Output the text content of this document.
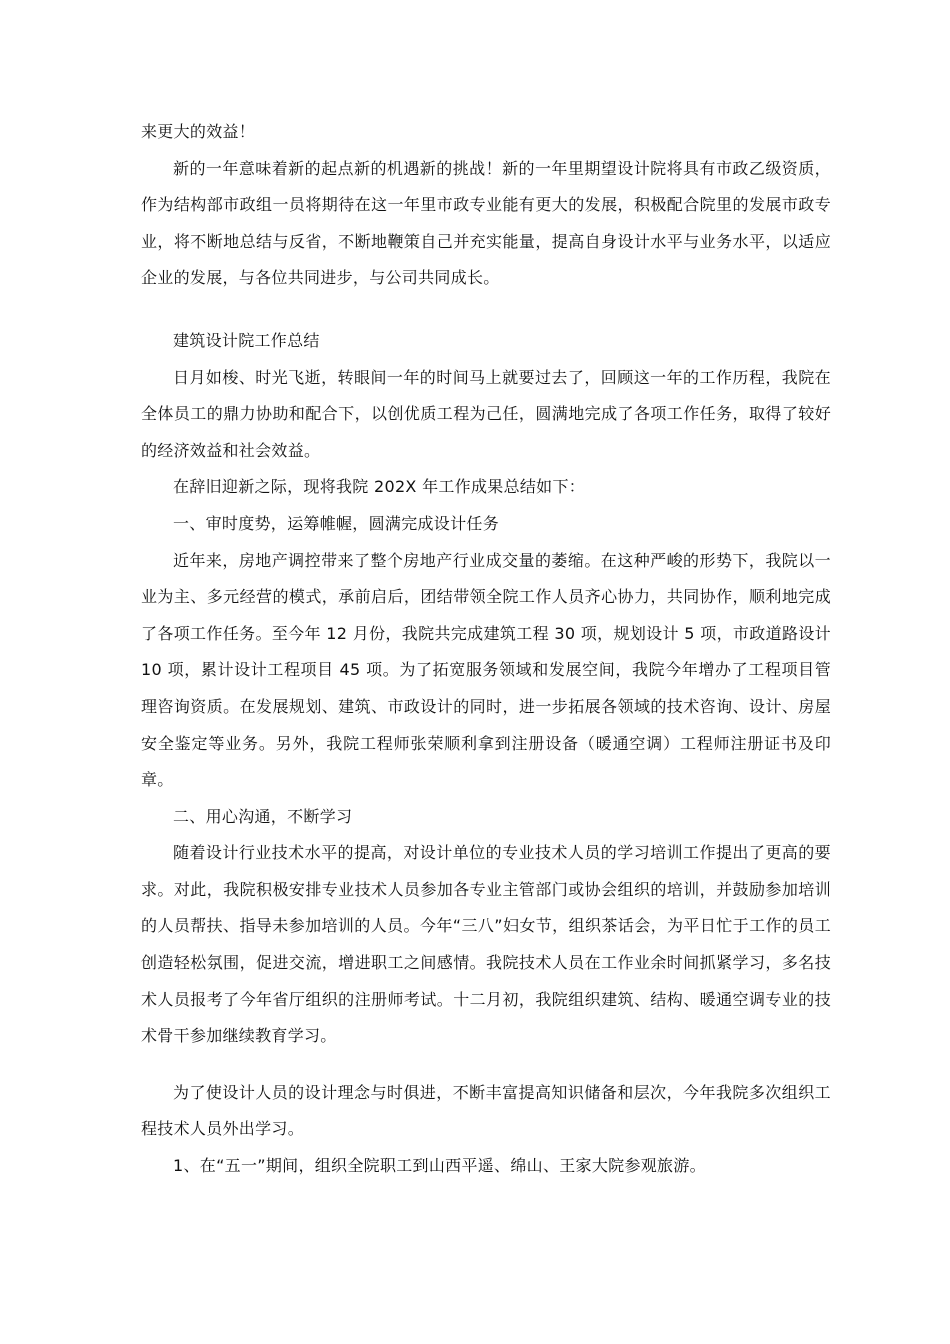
来更大的效益！

新的一年意味着新的起点新的机遇新的挑战！新的一年里期望设计院将具有市政乙级资质，作为结构部市政组一员将期待在这一年里市政专业能有更大的发展，积极配合院里的发展市政专业，将不断地总结与反省，不断地鞭策自己并充实能量，提高自身设计水平与业务水平，以适应企业的发展，与各位共同进步，与公司共同成长。

建筑设计院工作总结

日月如梭、时光飞逝，转眼间一年的时间马上就要过去了，回顾这一年的工作历程，我院在全体员工的鼎力协助和配合下，以创优质工程为己任，圆满地完成了各项工作任务，取得了较好的经济效益和社会效益。

在辞旧迎新之际，现将我院 202X 年工作成果总结如下：

一、审时度势，运筹帷幄，圆满完成设计任务

近年来，房地产调控带来了整个房地产行业成交量的萎缩。在这种严峻的形势下，我院以一业为主、多元经营的模式，承前启后，团结带领全院工作人员齐心协力，共同协作，顺利地完成了各项工作任务。至今年 12 月份，我院共完成建筑工程 30 项，规划设计 5 项，市政道路设计 10 项，累计设计工程项目 45 项。为了拓宽服务领域和发展空间，我院今年增办了工程项目管理咨询资质。在发展规划、建筑、市政设计的同时，进一步拓展各领域的技术咨询、设计、房屋安全鉴定等业务。另外，我院工程师张荣顺利拿到注册设备（暖通空调）工程师注册证书及印章。

二、用心沟通，不断学习

随着设计行业技术水平的提高，对设计单位的专业技术人员的学习培训工作提出了更高的要求。对此，我院积极安排专业技术人员参加各专业主管部门或协会组织的培训，并鼓励参加培训的人员帮扶、指导未参加培训的人员。今年“三八”妇女节，组织茶话会，为平日忙于工作的员工创造轻松氛围，促进交流，增进职工之间感情。我院技术人员在工作业余时间抓紧学习，多名技术人员报考了今年省厅组织的注册师考试。十二月初，我院组织建筑、结构、暖通空调专业的技术骨干参加继续教育学习。

为了使设计人员的设计理念与时俱进，不断丰富提高知识储备和层次，今年我院多次组织工程技术人员外出学习。

1、在“五一”期间，组织全院职工到山西平遥、绵山、王家大院参观旅游。
